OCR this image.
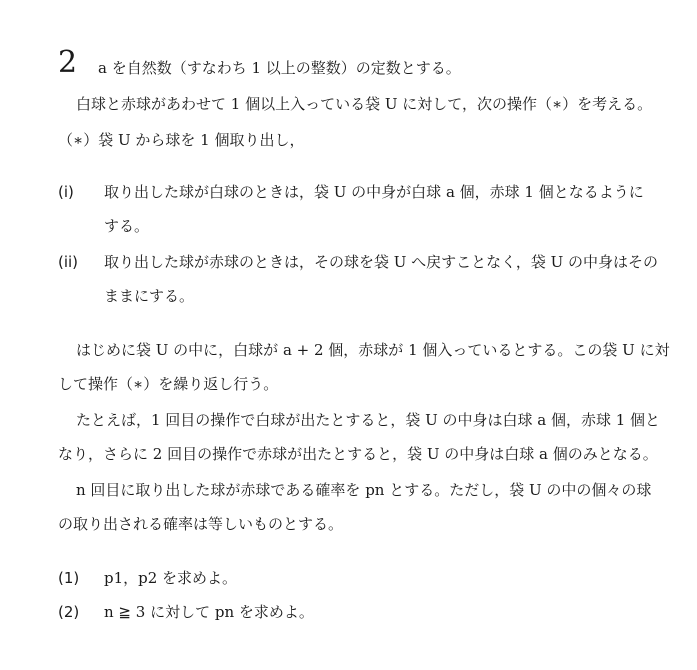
2 a を自然数（すなわち 1 以上の整数）の定数とする。
白球と赤球があわせて 1 個以上入っている袋 U に対して，次の操作（∗）を考える。
（∗）袋 U から球を 1 個取り出し，
(i) 取り出した球が白球のときは，袋 U の中身が白球 a 個，赤球 1 個となるように
する。
(ii) 取り出した球が赤球のときは，その球を袋 U へ戻すことなく，袋 U の中身はその
ままにする。
はじめに袋 U の中に，白球が a + 2 個，赤球が 1 個入っているとする。この袋 U に対
して操作（∗）を繰り返し行う。
たとえば，1 回目の操作で白球が出たとすると，袋 U の中身は白球 a 個，赤球 1 個と
なり，さらに 2 回目の操作で赤球が出たとすると，袋 U の中身は白球 a 個のみとなる。
n 回目に取り出した球が赤球である確率を pn とする。ただし，袋 U の中の個々の球
の取り出される確率は等しいものとする。
(1) p1，p2 を求めよ。
(2) n ≧ 3 に対して pn を求めよ。
